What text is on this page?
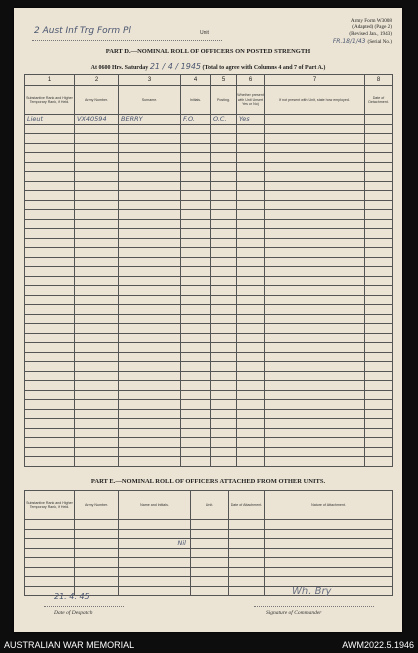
2 Aust Inf Trg Form Pl	Unit
Army Form W3008
(Adapted) (Page 2)
(Revised Jan., 1943)
FR.18/1/43 (Serial No.)
PART D.—NOMINAL ROLL OF OFFICERS ON POSTED STRENGTH
At 0600 Hrs. Saturday 21 / 4 / 1945 (Total to agree with Columns 4 and 7 of Part A.)
1	2	3	4	5	6	7	8
Substantive Rank and Higher Temporary Rank, if Held.	Army Number.	Surname.	Initials.	Posting.	Whether present with Unit Unsert Yes or No)	If not present with Unit, state how employed.	Date of Detachment.
Lieut	VX40594	BERRY	F.O.	O.C.	Yes		

PART E.—NOMINAL ROLL OF OFFICERS ATTACHED FROM OTHER UNITS.
Substantive Rank and Higher Temporary Rank, if Held.	Army Number.	Name and Initials.	Unit.	Date of Attachment.	Nature of Attachment.

		Nil			

21. 4. 45
Date of Despatch
Wh. Bry
Signature of Commander
AUSTRALIAN WAR MEMORIAL	AWM2022.5.1946
